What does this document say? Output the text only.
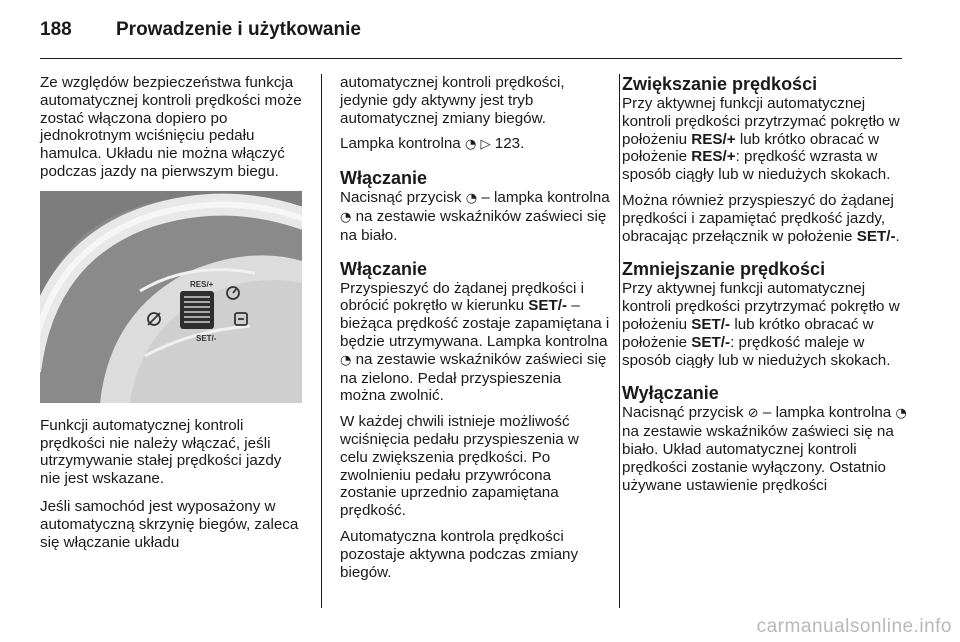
188	Prowadzenie i użytkowanie

Ze względów bezpieczeństwa funkcja automatycznej kontroli prędkości może zostać włączona dopiero po jednokrotnym wciśnięciu pedału hamulca. Układu nie można włączyć podczas jazdy na pierwszym biegu.

RES/+
SET/-

Funkcji automatycznej kontroli prędkości nie należy włączać, jeśli utrzymywanie stałej prędkości jazdy nie jest wskazane.

Jeśli samochód jest wyposażony w automatyczną skrzynię biegów, zaleca się włączanie układu

automatycznej kontroli prędkości, jedynie gdy aktywny jest tryb automatycznej zmiany biegów.

Lampka kontrolna ◔ ▷ 123.

Włączanie

Nacisnąć przycisk ◔ – lampka kontrolna ◔ na zestawie wskaźników zaświeci się na biało.

Włączanie

Przyspieszyć do żądanej prędkości i obrócić pokrętło w kierunku SET/- – bieżąca prędkość zostaje zapamiętana i będzie utrzymywana. Lampka kontrolna ◔ na zestawie wskaźników zaświeci się na zielono. Pedał przyspieszenia można zwolnić.

W każdej chwili istnieje możliwość wciśnięcia pedału przyspieszenia w celu zwiększenia prędkości. Po zwolnieniu pedału przywrócona zostanie uprzednio zapamiętana prędkość.

Automatyczna kontrola prędkości pozostaje aktywna podczas zmiany biegów.

Zwiększanie prędkości

Przy aktywnej funkcji automatycznej kontroli prędkości przytrzymać pokrętło w położeniu RES/+ lub krótko obracać w położenie RES/+: prędkość wzrasta w sposób ciągły lub w niedużych skokach.

Można również przyspieszyć do żądanej prędkości i zapamiętać prędkość jazdy, obracając przełącznik w położenie SET/-.

Zmniejszanie prędkości

Przy aktywnej funkcji automatycznej kontroli prędkości przytrzymać pokrętło w położeniu SET/- lub krótko obracać w położenie SET/-: prędkość maleje w sposób ciągły lub w niedużych skokach.

Wyłączanie

Nacisnąć przycisk ⊘ – lampka kontrolna ◔ na zestawie wskaźników zaświeci się na biało. Układ automatycznej kontroli prędkości zostanie wyłączony. Ostatnio używane ustawienie prędkości

carmanualsonline.info
